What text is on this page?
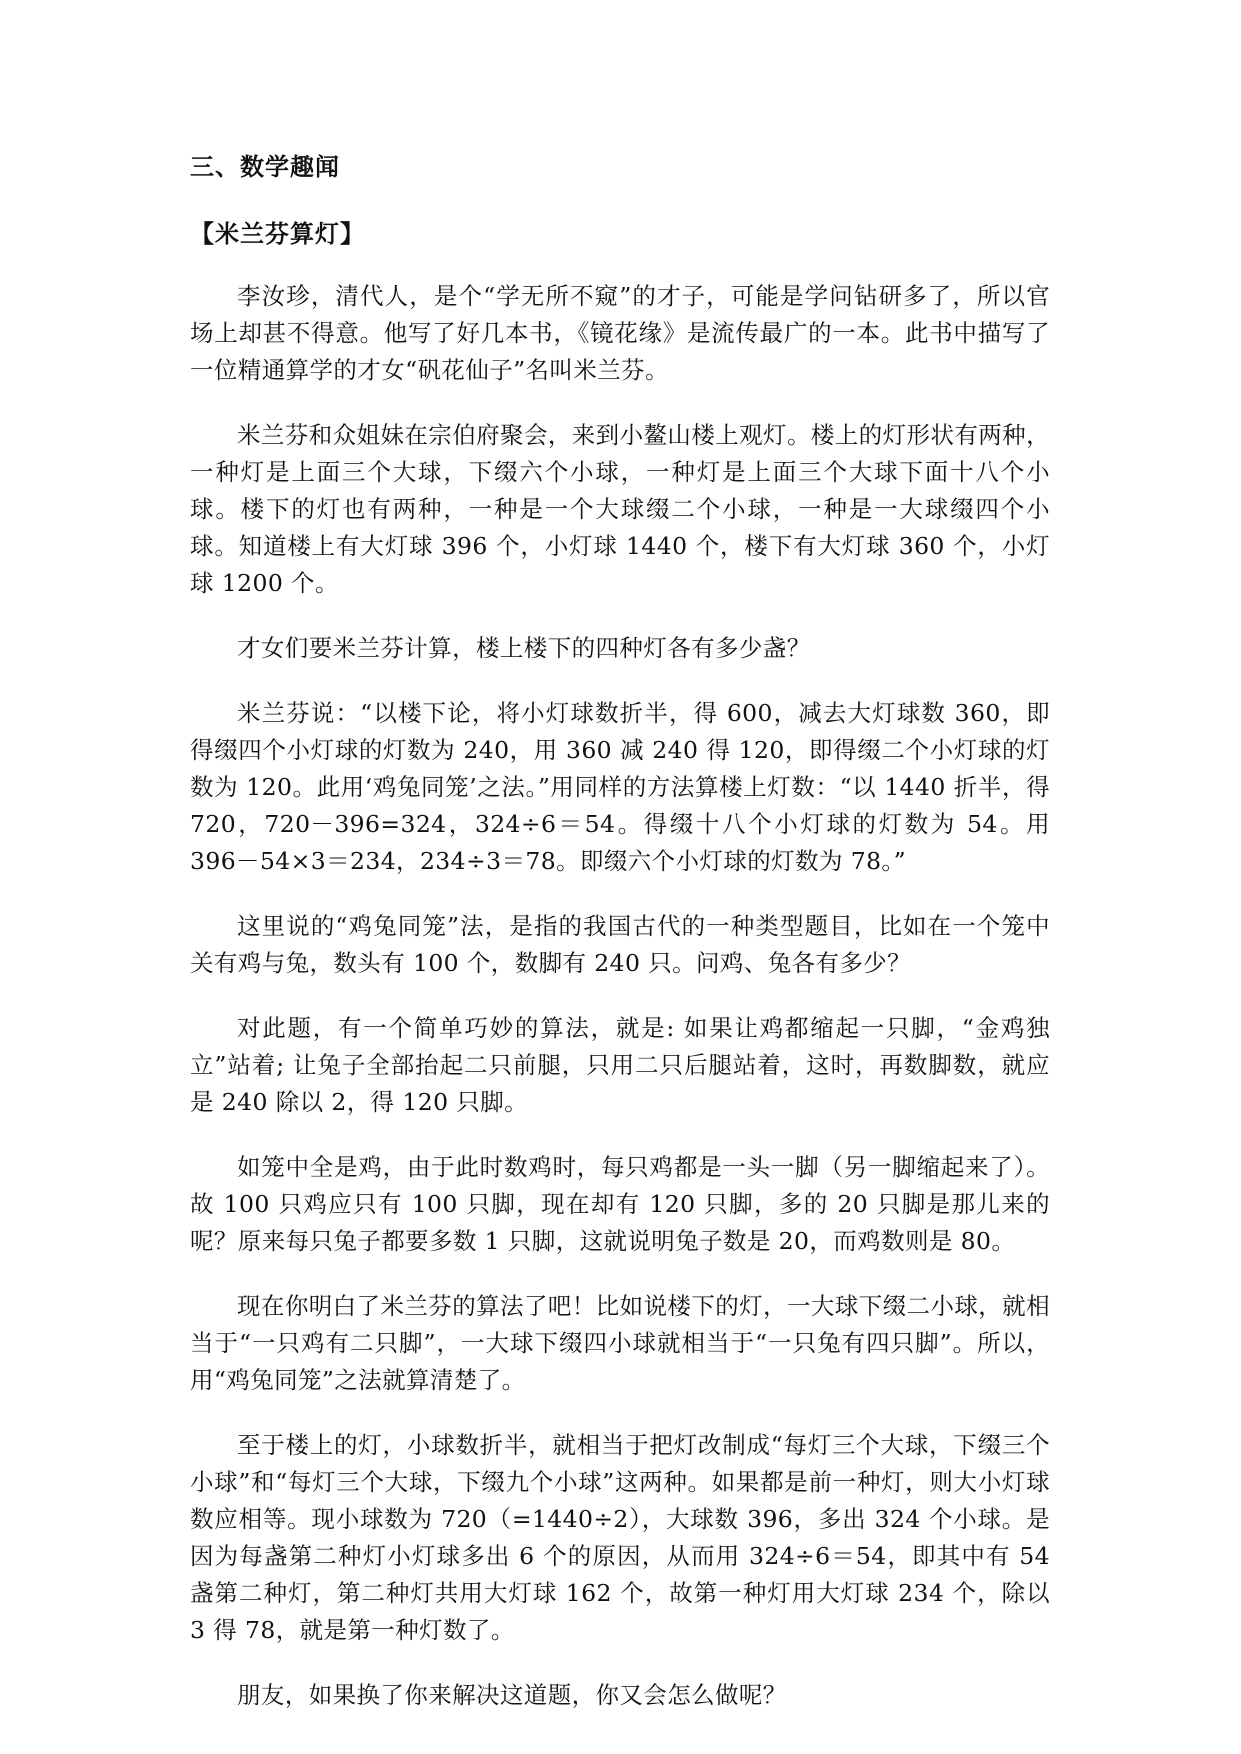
三、数学趣闻
【米兰芬算灯】

李汝珍，清代人，是个“学无所不窥”的才子，可能是学问钻研多了，所以官场上却甚不得意。他写了好几本书，《镜花缘》是流传最广的一本。此书中描写了一位精通算学的才女“矾花仙子”名叫米兰芬。

米兰芬和众姐妹在宗伯府聚会，来到小鳌山楼上观灯。楼上的灯形状有两种，一种灯是上面三个大球，下缀六个小球，一种灯是上面三个大球下面十八个小球。楼下的灯也有两种，一种是一个大球缀二个小球，一种是一大球缀四个小球。知道楼上有大灯球 396 个，小灯球 1440 个，楼下有大灯球 360 个，小灯球 1200 个。

才女们要米兰芬计算，楼上楼下的四种灯各有多少盏？

米兰芬说：“以楼下论，将小灯球数折半，得 600，减去大灯球数 360，即得缀四个小灯球的灯数为 240，用 360 减 240 得 120，即得缀二个小灯球的灯数为 120。此用‘鸡兔同笼’之法。”用同样的方法算楼上灯数：“以 1440 折半，得 720，720－396=324，324÷6＝54。得缀十八个小灯球的灯数为 54。用 396－54×3＝234，234÷3＝78。即缀六个小灯球的灯数为 78。”

这里说的“鸡兔同笼”法，是指的我国古代的一种类型题目，比如在一个笼中关有鸡与兔，数头有 100 个，数脚有 240 只。问鸡、兔各有多少？

对此题，有一个简单巧妙的算法，就是: 如果让鸡都缩起一只脚，“金鸡独立”站着; 让兔子全部抬起二只前腿，只用二只后腿站着，这时，再数脚数，就应是 240 除以 2，得 120 只脚。

如笼中全是鸡，由于此时数鸡时，每只鸡都是一头一脚（另一脚缩起来了）。故 100 只鸡应只有 100 只脚，现在却有 120 只脚，多的 20 只脚是那儿来的呢？原来每只兔子都要多数 1 只脚，这就说明兔子数是 20，而鸡数则是 80。

现在你明白了米兰芬的算法了吧！比如说楼下的灯，一大球下缀二小球，就相当于“一只鸡有二只脚”，一大球下缀四小球就相当于“一只兔有四只脚”。所以，用“鸡兔同笼”之法就算清楚了。

至于楼上的灯，小球数折半，就相当于把灯改制成“每灯三个大球，下缀三个小球”和“每灯三个大球，下缀九个小球”这两种。如果都是前一种灯，则大小灯球数应相等。现小球数为 720（=1440÷2），大球数 396，多出 324 个小球。是因为每盏第二种灯小灯球多出 6 个的原因，从而用 324÷6＝54，即其中有 54 盏第二种灯，第二种灯共用大灯球 162 个，故第一种灯用大灯球 234 个，除以 3 得 78，就是第一种灯数了。

朋友，如果换了你来解决这道题，你又会怎么做呢？
